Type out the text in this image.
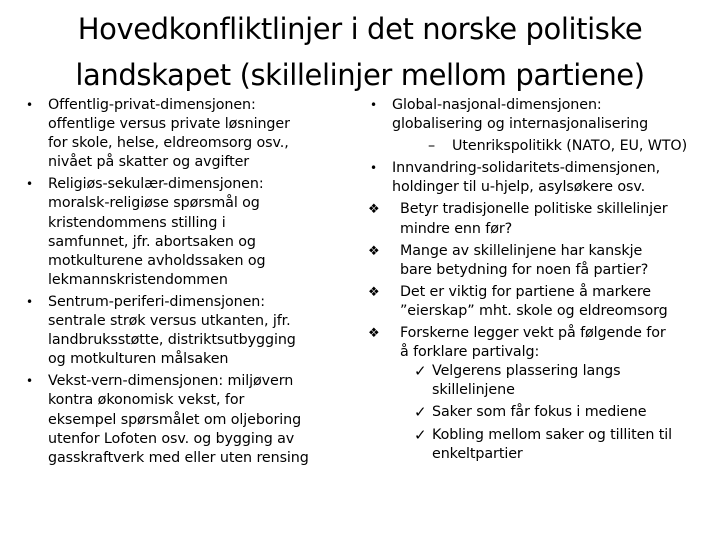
Hovedkonfliktlinjer i det norske politiske
landskapet (skillelinjer mellom partiene)
• Offentlig-privat-dimensjonen:
offentlige versus private løsninger
for skole, helse, eldreomsorg osv.,
nivået på skatter og avgifter
• Religiøs-sekulær-dimensjonen:
moralsk-religiøse spørsmål og
kristendommens stilling i
samfunnet, jfr. abortsaken og
motkulturene avholdssaken og
lekmannskristendommen
• Sentrum-periferi-dimensjonen:
sentrale strøk versus utkanten, jfr.
landbruksstøtte, distriktsutbygging
og motkulturen målsaken
• Vekst-vern-dimensjonen: miljøvern
kontra økonomisk vekst, for
eksempel spørsmålet om oljeboring
utenfor Lofoten osv. og bygging av
gasskraftverk med eller uten rensing
• Global-nasjonal-dimensjonen:
globalisering og internasjonalisering
– Utenrikspolitikk (NATO, EU, WTO)
• Innvandring-solidaritets-dimensjonen,
holdinger til u-hjelp, asylsøkere osv.
❖ Betyr tradisjonelle politiske skillelinjer
mindre enn før?
❖ Mange av skillelinjene har kanskje
bare betydning for noen få partier?
❖ Det er viktig for partiene å markere
”eierskap” mht. skole og eldreomsorg
❖ Forskerne legger vekt på følgende for
å forklare partivalg:
✓ Velgerens plassering langs
skillelinjene
✓ Saker som får fokus i mediene
✓ Kobling mellom saker og tilliten til
enkeltpartier
